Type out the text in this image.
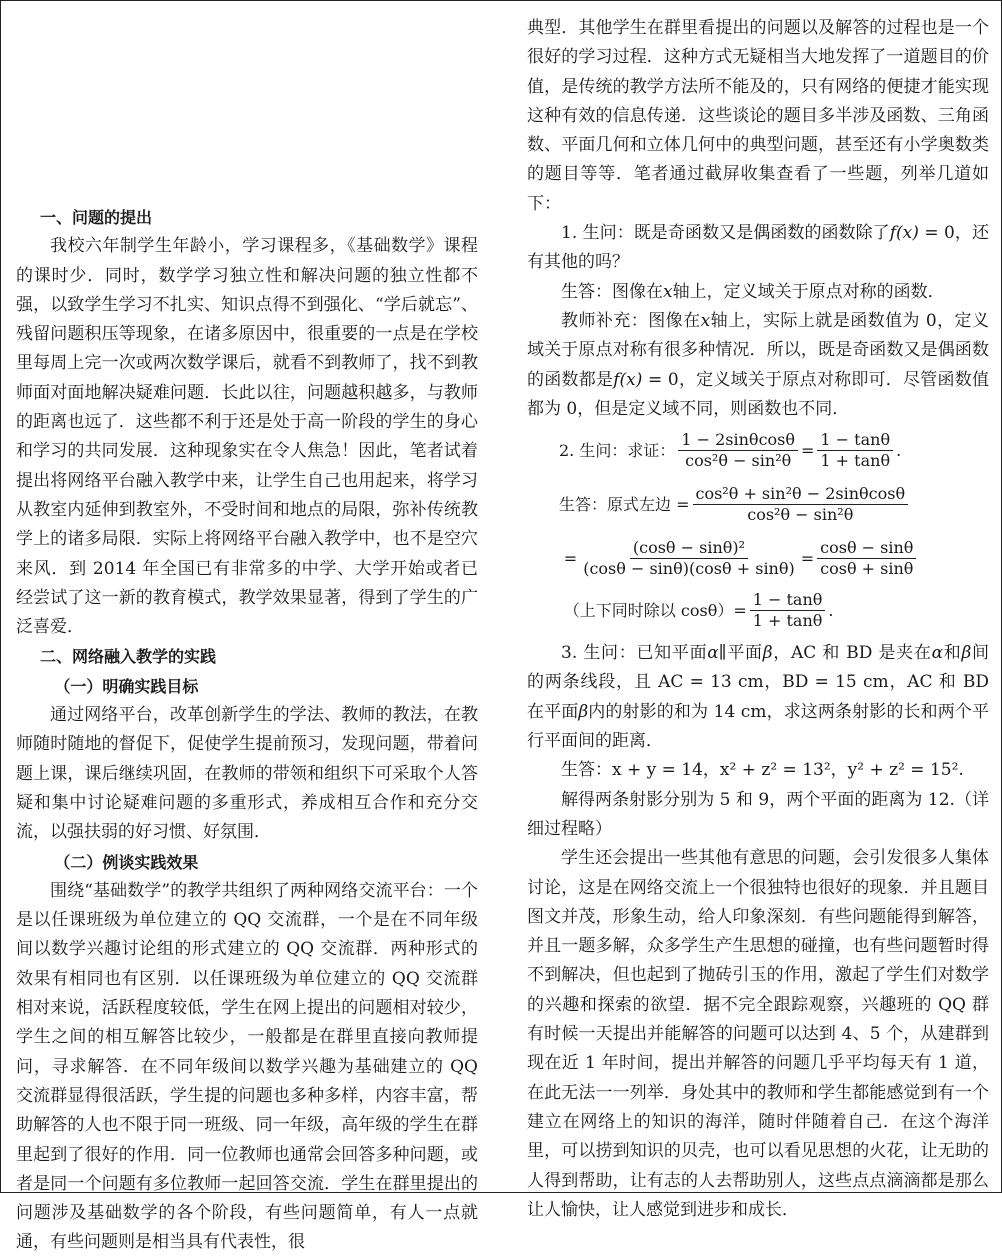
一、问题的提出

我校六年制学生年龄小，学习课程多，《基础数学》课程的课时少．同时，数学学习独立性和解决问题的独立性都不强，以致学生学习不扎实、知识点得不到强化、“学后就忘”、残留问题积压等现象，在诸多原因中，很重要的一点是在学校里每周上完一次或两次数学课后，就看不到教师了，找不到教师面对面地解决疑难问题．长此以往，问题越积越多，与教师的距离也远了．这些都不利于还是处于高一阶段的学生的身心和学习的共同发展．这种现象实在令人焦急！因此，笔者试着提出将网络平台融入教学中来，让学生自己也用起来，将学习从教室内延伸到教室外，不受时间和地点的局限，弥补传统教学上的诸多局限．实际上将网络平台融入教学中，也不是空穴来风．到 2014 年全国已有非常多的中学、大学开始或者已经尝试了这一新的教育模式，教学效果显著，得到了学生的广泛喜爱．

二、网络融入教学的实践

（一）明确实践目标

通过网络平台，改革创新学生的学法、教师的教法，在教师随时随地的督促下，促使学生提前预习，发现问题，带着问题上课，课后继续巩固，在教师的带领和组织下可采取个人答疑和集中讨论疑难问题的多重形式，养成相互合作和充分交流，以强扶弱的好习惯、好氛围．

（二）例谈实践效果

围绕“基础数学”的教学共组织了两种网络交流平台：一个是以任课班级为单位建立的 QQ 交流群，一个是在不同年级间以数学兴趣讨论组的形式建立的 QQ 交流群．两种形式的效果有相同也有区别．以任课班级为单位建立的 QQ 交流群相对来说，活跃程度较低，学生在网上提出的问题相对较少，学生之间的相互解答比较少，一般都是在群里直接向教师提问，寻求解答．在不同年级间以数学兴趣为基础建立的 QQ 交流群显得很活跃，学生提的问题也多种多样，内容丰富，帮助解答的人也不限于同一班级、同一年级，高年级的学生在群里起到了很好的作用．同一位教师也通常会回答多种问题，或者是同一个问题有多位教师一起回答交流．学生在群里提出的问题涉及基础数学的各个阶段，有些问题简单，有人一点就通，有些问题则是相当具有代表性，很

典型．其他学生在群里看提出的问题以及解答的过程也是一个很好的学习过程．这种方式无疑相当大地发挥了一道题目的价值，是传统的教学方法所不能及的，只有网络的便捷才能实现这种有效的信息传递．这些谈论的题目多半涉及函数、三角函数、平面几何和立体几何中的典型问题，甚至还有小学奥数类的题目等等．笔者通过截屏收集查看了一些题，列举几道如下：

1. 生问：既是奇函数又是偶函数的函数除了f(x) = 0，还有其他的吗？

生答：图像在x轴上，定义域关于原点对称的函数．

教师补充：图像在x轴上，实际上就是函数值为 0，定义域关于原点对称有很多种情况．所以，既是奇函数又是偶函数的函数都是f(x) = 0，定义域关于原点对称即可．尽管函数值都为 0，但是定义域不同，则函数也不同．

2. 生问：求证： $\frac{1 - 2\sin\theta\cos\theta}{\text{cos²θ − sin²θ}} = \frac{1 - \tan\theta}{1 + \tan\theta}$ .
生答：原式左边 = $\frac{\text{cos²θ + sin²θ − 2sinθcosθ}}{\text{cos²θ − sin²θ}}$
= $\frac{\text{(cosθ − sinθ)²}}{(\cos\theta - \sin\theta)(\cos\theta + \sin\theta)} = \frac{\cos\theta - \sin\theta}{\cos\theta + \sin\theta}$
（上下同时除以 $\cos\theta)= \frac{1 - \tan\theta}{1 + \tan\theta}$ .

3. 生问：已知平面α∥平面β，AC 和 BD 是夹在α和β间的两条线段，且 AC = 13 cm，BD = 15 cm，AC 和 BD 在平面β内的射影的和为 14 cm，求这两条射影的长和两个平行平面间的距离．

生答：x + y = 14，x² + z² = 13²，y² + z² = 15².

解得两条射影分别为 5 和 9，两个平面的距离为 12.（详细过程略）

学生还会提出一些其他有意思的问题，会引发很多人集体讨论，这是在网络交流上一个很独特也很好的现象．并且题目图文并茂，形象生动，给人印象深刻．有些问题能得到解答，并且一题多解，众多学生产生思想的碰撞，也有些问题暂时得不到解决，但也起到了抛砖引玉的作用，激起了学生们对数学的兴趣和探索的欲望．据不完全跟踪观察，兴趣班的 QQ 群有时候一天提出并能解答的问题可以达到 4、5 个，从建群到现在近 1 年时间，提出并解答的问题几乎平均每天有 1 道，在此无法一一列举．身处其中的教师和学生都能感觉到有一个建立在网络上的知识的海洋，随时伴随着自己．在这个海洋里，可以捞到知识的贝壳，也可以看见思想的火花，让无助的人得到帮助，让有志的人去帮助别人，这些点点滴滴都是那么让人愉快，让人感觉到进步和成长．
